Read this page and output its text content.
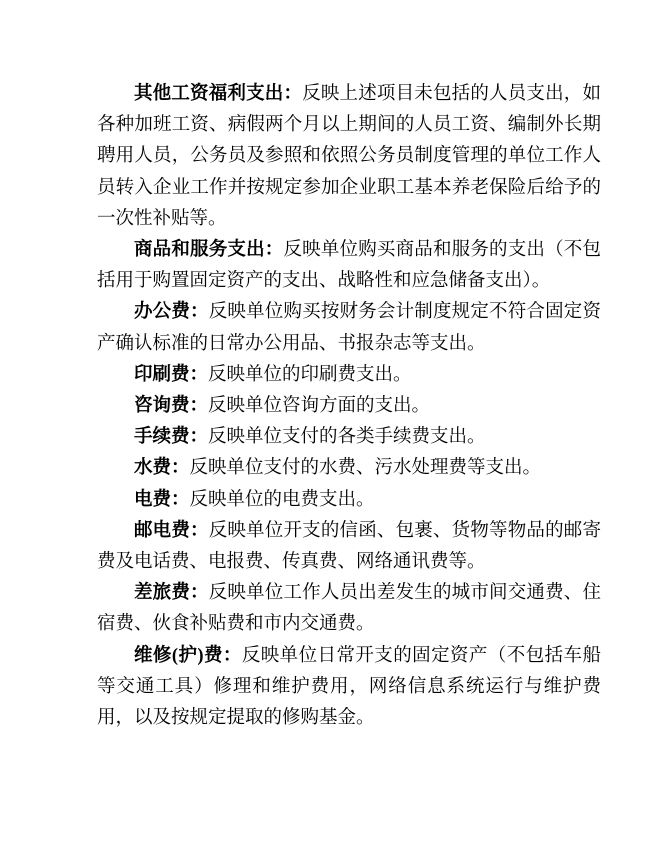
其他工资福利支出：反映上述项目未包括的人员支出，如各种加班工资、病假两个月以上期间的人员工资、编制外长期聘用人员，公务员及参照和依照公务员制度管理的单位工作人员转入企业工作并按规定参加企业职工基本养老保险后给予的一次性补贴等。

商品和服务支出：反映单位购买商品和服务的支出（不包括用于购置固定资产的支出、战略性和应急储备支出）。

办公费：反映单位购买按财务会计制度规定不符合固定资产确认标准的日常办公用品、书报杂志等支出。

印刷费：反映单位的印刷费支出。

咨询费：反映单位咨询方面的支出。

手续费：反映单位支付的各类手续费支出。

水费：反映单位支付的水费、污水处理费等支出。

电费：反映单位的电费支出。

邮电费：反映单位开支的信函、包裹、货物等物品的邮寄费及电话费、电报费、传真费、网络通讯费等。

差旅费：反映单位工作人员出差发生的城市间交通费、住宿费、伙食补贴费和市内交通费。

维修(护)费：反映单位日常开支的固定资产（不包括车船等交通工具）修理和维护费用，网络信息系统运行与维护费用，以及按规定提取的修购基金。
